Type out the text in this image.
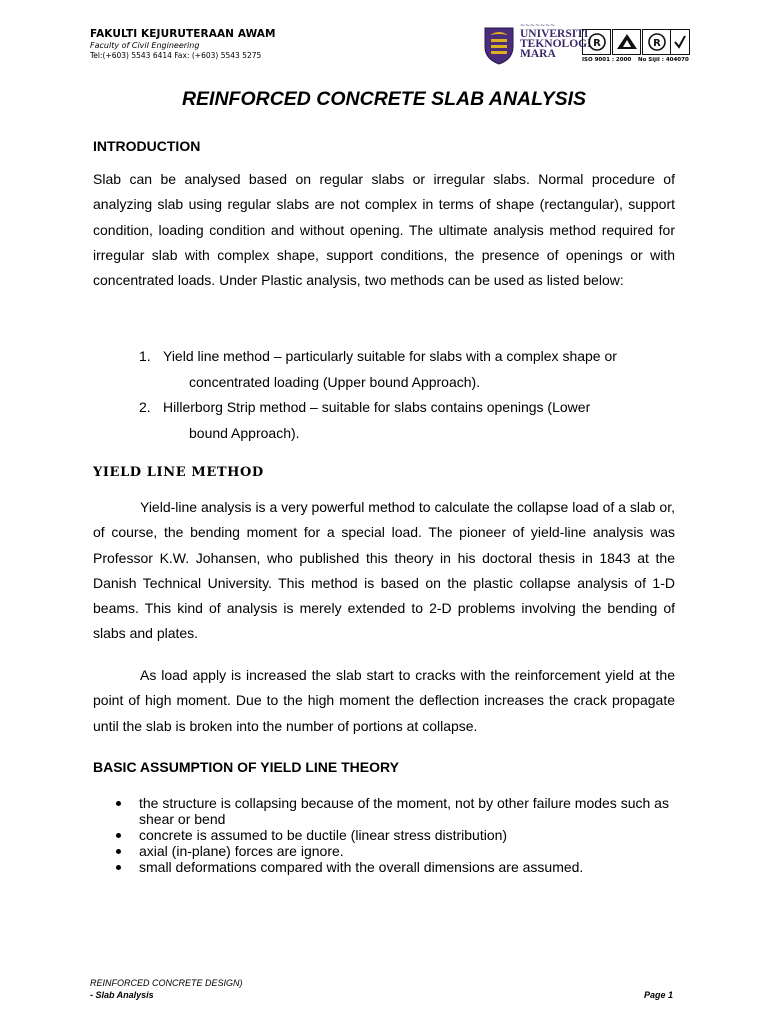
FAKULTI KEJURUTERAAN AWAM
Faculty of Civil Engineering
Tel:(+603) 5543 6414 Fax: (+603) 5543 5275
~~~~~~~
UNIVERSITI
TEKNOLOGI
MARA
R	R
ISO 9001 : 2000 No Sijil : 404070
REINFORCED CONCRETE SLAB ANALYSIS
INTRODUCTION
Slab can be analysed based on regular slabs or irregular slabs. Normal procedure of analyzing slab using regular slabs are not complex in terms of shape (rectangular), support condition, loading condition and without opening. The ultimate analysis method required for irregular slab with complex shape, support conditions, the presence of openings or with concentrated loads. Under Plastic analysis, two methods can be used as listed below:
1. Yield line method – particularly suitable for slabs with a complex shape or
concentrated loading (Upper bound Approach).
2. Hillerborg Strip method – suitable for slabs contains openings (Lower
bound Approach).
YIELD LINE METHOD
Yield-line analysis is a very powerful method to calculate the collapse load of a slab or, of course, the bending moment for a special load. The pioneer of yield-line analysis was Professor K.W. Johansen, who published this theory in his doctoral thesis in 1843 at the Danish Technical University. This method is based on the plastic collapse analysis of 1-D beams. This kind of analysis is merely extended to 2-D problems involving the bending of slabs and plates.
As load apply is increased the slab start to cracks with the reinforcement yield at the point of high moment. Due to the high moment the deflection increases the crack propagate until the slab is broken into the number of portions at collapse.
BASIC ASSUMPTION OF YIELD LINE THEORY
the structure is collapsing because of the moment, not by other failure modes such as shear or bend
concrete is assumed to be ductile (linear stress distribution)
axial (in-plane) forces are ignore.
small deformations compared with the overall dimensions are assumed.
REINFORCED CONCRETE DESIGN)
- Slab Analysis	Page 1
